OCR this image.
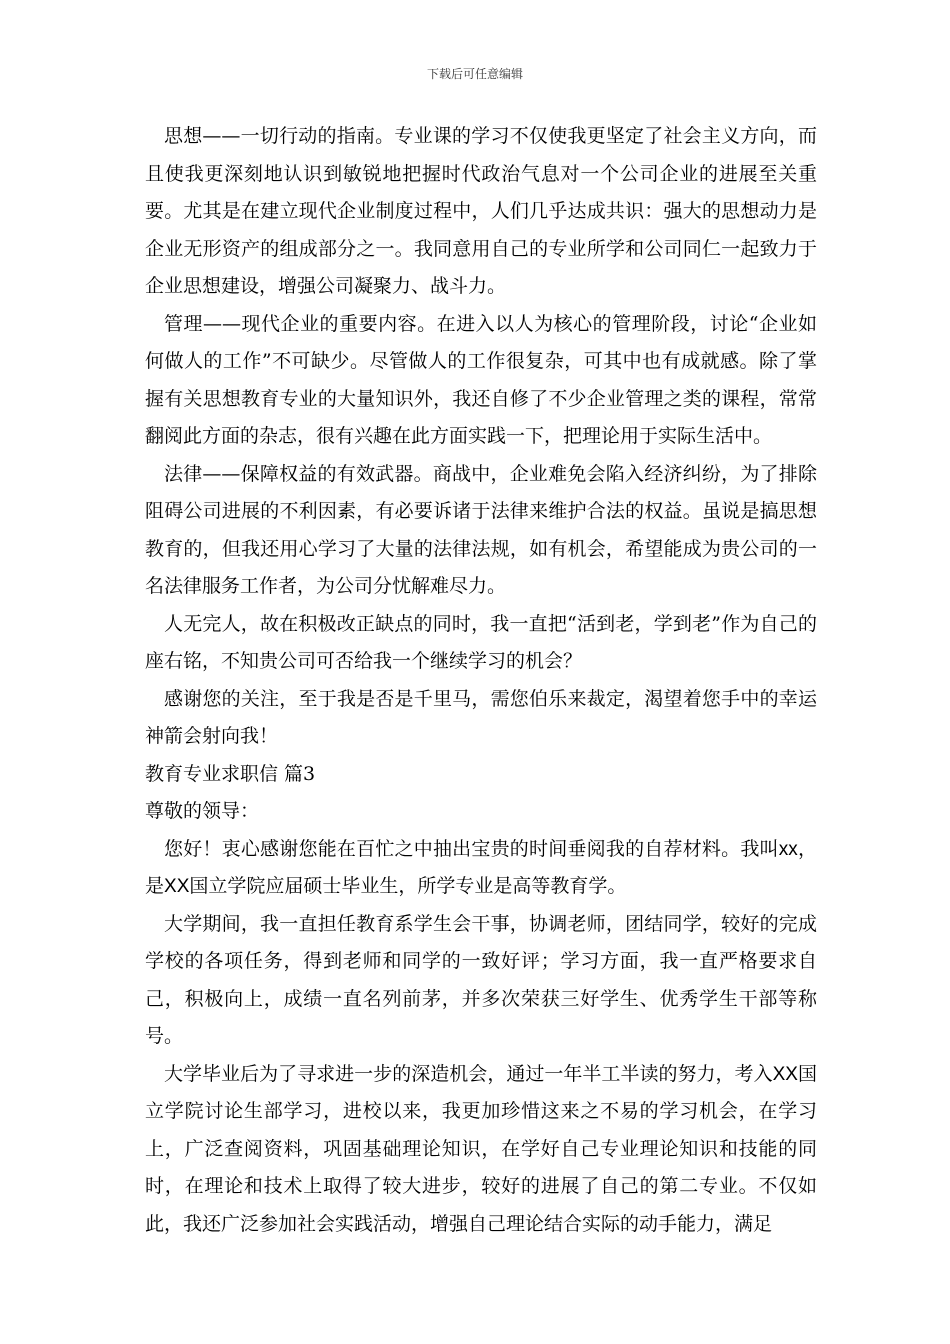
下载后可任意编辑

思想——一切行动的指南。专业课的学习不仅使我更坚定了社会主义方向，而且使我更深刻地认识到敏锐地把握时代政治气息对一个公司企业的进展至关重要。尤其是在建立现代企业制度过程中，人们几乎达成共识：强大的思想动力是企业无形资产的组成部分之一。我同意用自己的专业所学和公司同仁一起致力于企业思想建设，增强公司凝聚力、战斗力。

管理——现代企业的重要内容。在进入以人为核心的管理阶段，讨论“企业如何做人的工作”不可缺少。尽管做人的工作很复杂，可其中也有成就感。除了掌握有关思想教育专业的大量知识外，我还自修了不少企业管理之类的课程，常常翻阅此方面的杂志，很有兴趣在此方面实践一下，把理论用于实际生活中。

法律——保障权益的有效武器。商战中，企业难免会陷入经济纠纷，为了排除阻碍公司进展的不利因素，有必要诉诸于法律来维护合法的权益。虽说是搞思想教育的，但我还用心学习了大量的法律法规，如有机会，希望能成为贵公司的一名法律服务工作者，为公司分忧解难尽力。

人无完人，故在积极改正缺点的同时，我一直把“活到老，学到老”作为自己的座右铭，不知贵公司可否给我一个继续学习的机会？

感谢您的关注，至于我是否是千里马，需您伯乐来裁定，渴望着您手中的幸运神箭会射向我！

教育专业求职信 篇3

尊敬的领导：

您好！衷心感谢您能在百忙之中抽出宝贵的时间垂阅我的自荐材料。我叫xx，是XX国立学院应届硕士毕业生，所学专业是高等教育学。

大学期间，我一直担任教育系学生会干事，协调老师，团结同学，较好的完成学校的各项任务，得到老师和同学的一致好评；学习方面，我一直严格要求自己，积极向上，成绩一直名列前茅，并多次荣获三好学生、优秀学生干部等称号。

大学毕业后为了寻求进一步的深造机会，通过一年半工半读的努力，考入XX国立学院讨论生部学习，进校以来，我更加珍惜这来之不易的学习机会，在学习上，广泛查阅资料，巩固基础理论知识，在学好自己专业理论知识和技能的同时，在理论和技术上取得了较大进步，较好的进展了自己的第二专业。不仅如此，我还广泛参加社会实践活动，增强自己理论结合实际的动手能力，满足
